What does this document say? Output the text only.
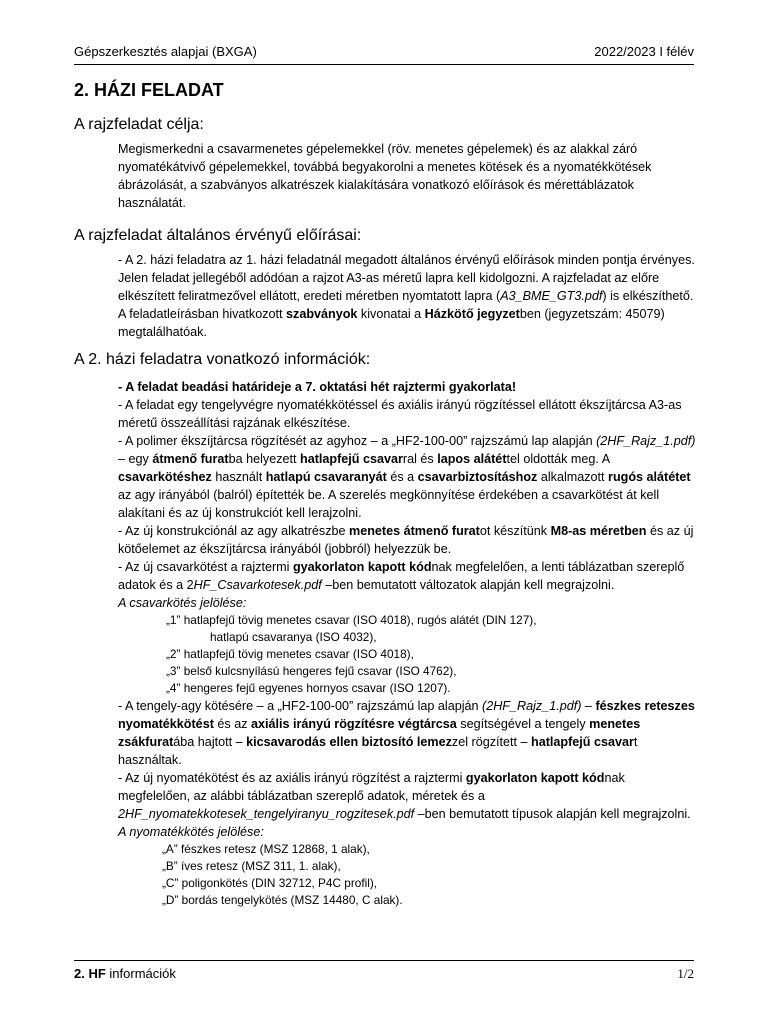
Gépszerkesztés alapjai (BXGA)	2022/2023 I félév
2. HÁZI FELADAT
A rajzfeladat célja:

Megismerkedni a csavarmenetes gépelemekkel (röv. menetes gépelemek) és az alakkal záró nyomatékátvivő gépelemekkel, továbbá begyakorolni a menetes kötések és a nyomatékkötések ábrázolását, a szabványos alkatrészek kialakítására vonatkozó előírások és mérettáblázatok használatát.

A rajzfeladat általános érvényű előírásai:

- A 2. házi feladatra az 1. házi feladatnál megadott általános érvényű előírások minden pontja érvényes. Jelen feladat jellegéből adódóan a rajzot A3-as méretű lapra kell kidolgozni. A rajzfeladat az előre elkészített feliratmezővel ellátott, eredeti méretben nyomtatott lapra (A3_BME_GT3.pdf) is elkészíthető. A feladatleírásban hivatkozott szabványok kivonatai a Házkötő jegyzetben (jegyzetszám: 45079) megtalálhatóak.

A 2. házi feladatra vonatkozó információk:

- A feladat beadási határideje a 7. oktatási hét rajztermi gyakorlata!

- A feladat egy tengelyvégre nyomatékkötéssel és axiális irányú rögzítéssel ellátott ékszíjtárcsa A3-as méretű összeállítási rajzának elkészítése.

- A polimer ékszíjtárcsa rögzítését az agyhoz – a „HF2-100-00” rajzszámú lap alapján (2HF_Rajz_1.pdf) – egy átmenő furatba helyezett hatlapfejű csavarral és lapos alátéttel oldották meg. A csavarkötéshez használt hatlapú csavaranyát és a csavarbiztosításhoz alkalmazott rugós alátétet az agy irányából (balról) építették be. A szerelés megkönnyítése érdekében a csavarkötést át kell alakítani és az új konstrukciót kell lerajzolni.

- Az új konstrukciónál az agy alkatrészbe menetes átmenő furatot készítünk M8-as méretben és az új kötőelemet az ékszíjtárcsa irányából (jobbról) helyezzük be.

- Az új csavarkötést a rajztermi gyakorlaton kapott kódnak megfelelően, a lenti táblázatban szereplő adatok és a 2HF_Csavarkotesek.pdf –ben bemutatott változatok alapján kell megrajzolni.

A csavarkötés jelölése:

„1” hatlapfejű tövig menetes csavar (ISO 4018), rugós alátét (DIN 127),

hatlapú csavaranya (ISO 4032),

„2” hatlapfejű tövig menetes csavar (ISO 4018),

„3” belső kulcsnyílású hengeres fejű csavar (ISO 4762),

„4” hengeres fejű egyenes hornyos csavar (ISO 1207).

- A tengely-agy kötésére – a „HF2-100-00” rajzszámú lap alapján (2HF_Rajz_1.pdf) – fészkes reteszes nyomatékkötést és az axiális irányú rögzítésre végtárcsa segítségével a tengely menetes zsákfuratába hajtott – kicsavarodás ellen biztosító lemezzel rögzített – hatlapfejű csavart használtak.

- Az új nyomatékötést és az axiális irányú rögzítést a rajztermi gyakorlaton kapott kódnak megfelelően, az alábbi táblázatban szereplő adatok, méretek és a 2HF_nyomatekkotesek_tengelyiranyu_rogzitesek.pdf –ben bemutatott típusok alapján kell megrajzolni.

A nyomatékkötés jelölése:

„A” fészkes retesz (MSZ 12868, 1 alak),

„B” íves retesz (MSZ 311, 1. alak),

„C” poligonkötés (DIN 32712, P4C profil),

„D” bordás tengelykötés (MSZ 14480, C alak).

2. HF információk	1/2
